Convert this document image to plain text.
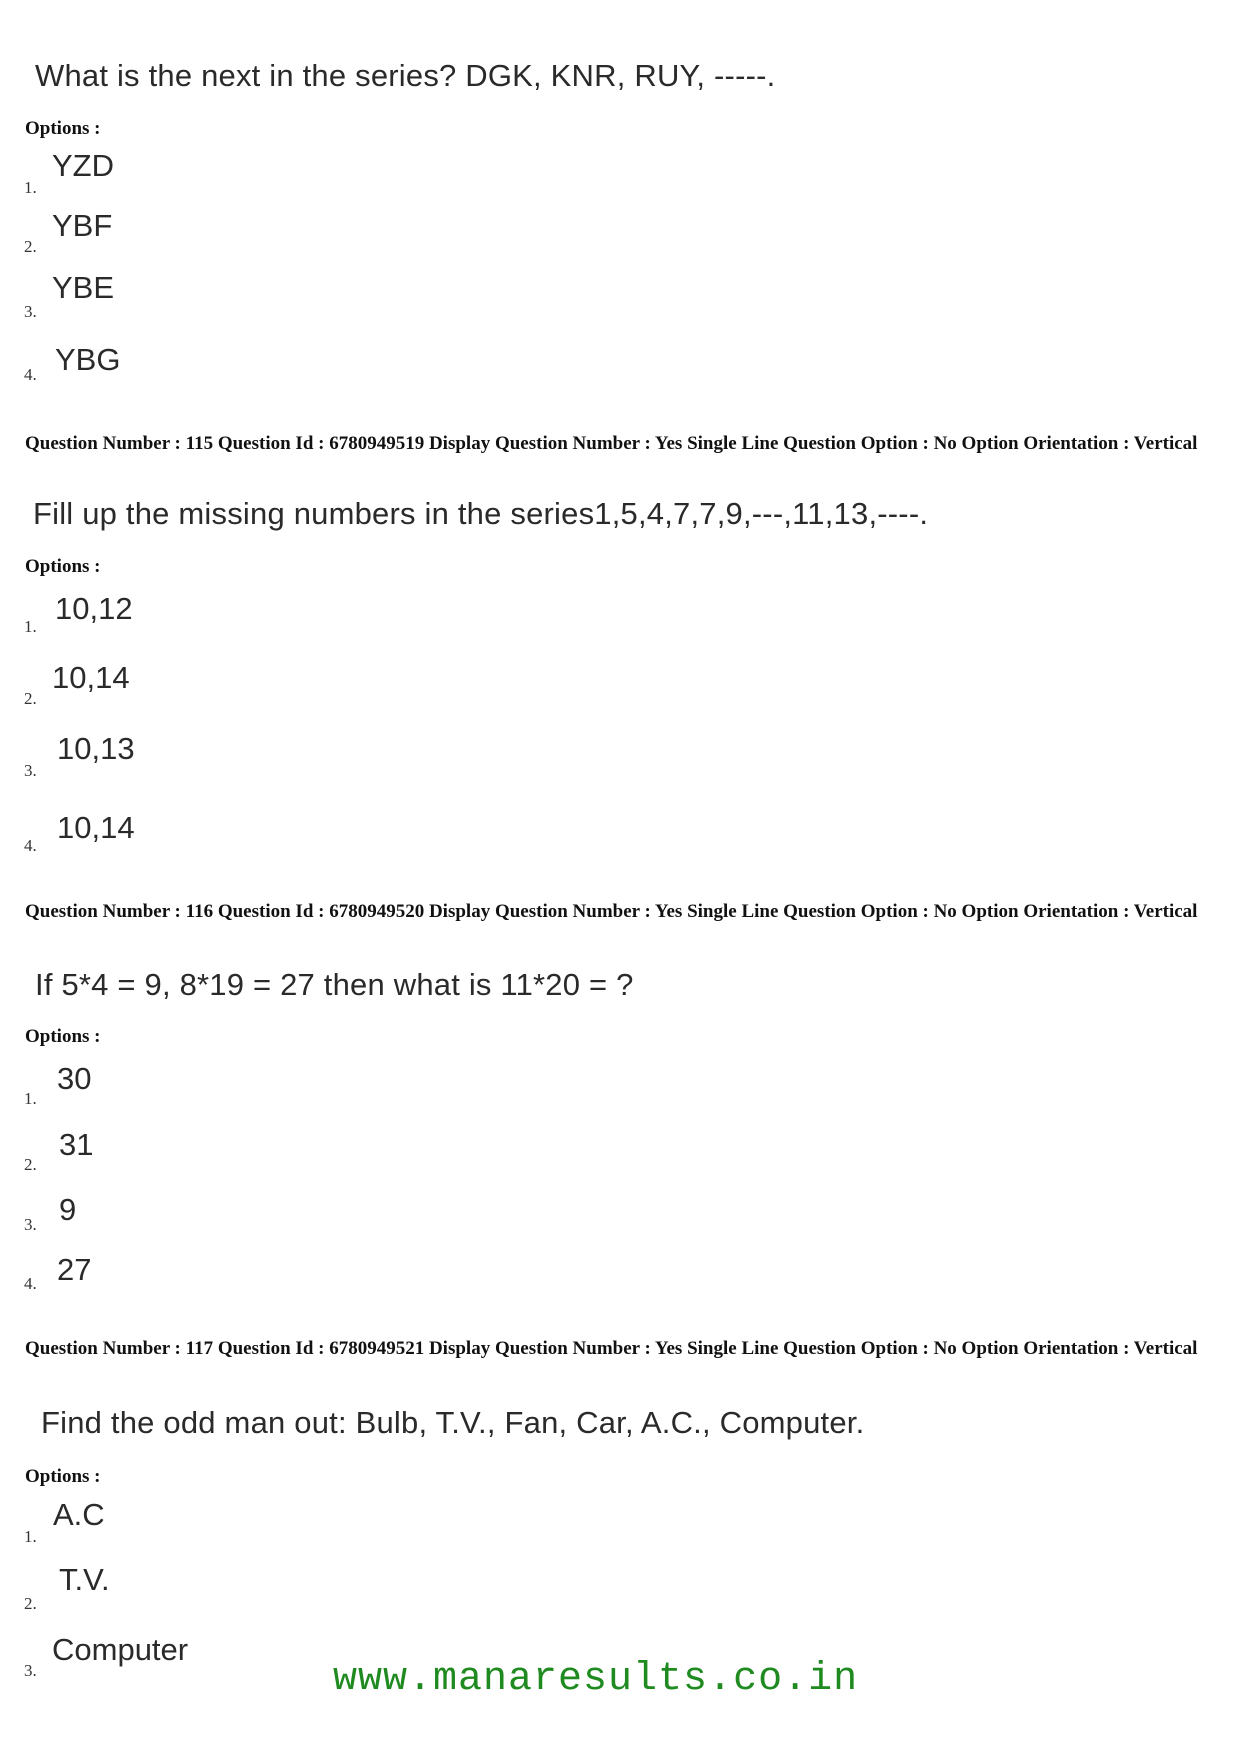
What is the next in the series? DGK, KNR, RUY, -----.
Options :
1.
YZD
2.
YBF
3.
YBE
4. YBG
Question Number : 115 Question Id : 6780949519 Display Question Number : Yes Single Line Question Option : No Option Orientation : Vertical
Fill up the missing numbers in the series1,5,4,7,7,9,---,11,13,----.
Options :
1.
10,12
2.
10,14
3.
10,13
4.
10,14
Question Number : 116 Question Id : 6780949520 Display Question Number : Yes Single Line Question Option : No Option Orientation : Vertical
If 5*4 = 9, 8*19 = 27 then what is 11*20 = ?
Options :
1.
30
2.
31
3. 9
4. 27
Question Number : 117 Question Id : 6780949521 Display Question Number : Yes Single Line Question Option : No Option Orientation : Vertical
Find the odd man out: Bulb, T.V., Fan, Car, A.C., Computer.
Options :
1.
A.C
2.
T.V.
3.
Computer
www.manaresults.co.in
